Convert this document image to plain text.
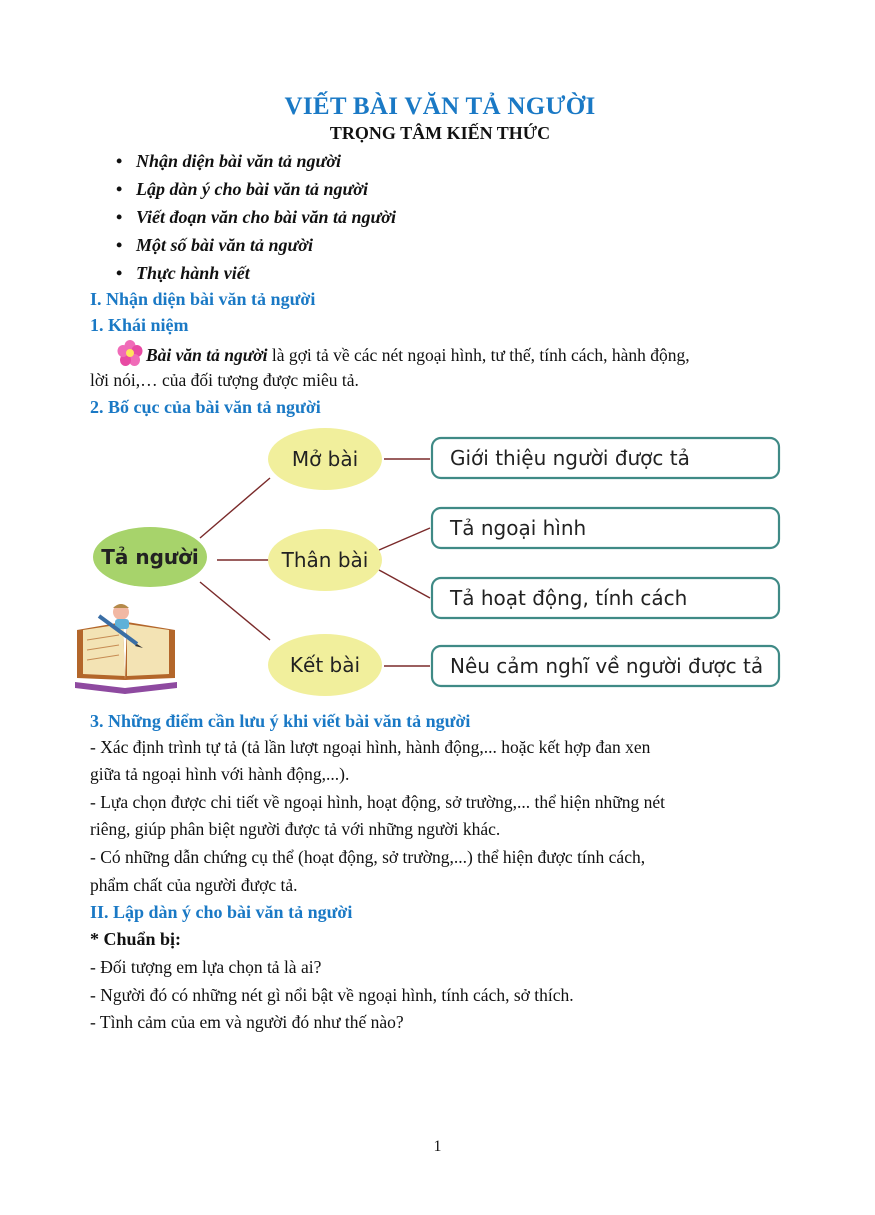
VIẾT BÀI VĂN TẢ NGƯỜI
TRỌNG TÂM KIẾN THỨC
• Nhận diện bài văn tả người
• Lập dàn ý cho bài văn tả người
• Viết đoạn văn cho bài văn tả người
• Một số bài văn tả người
• Thực hành viết
I. Nhận diện bài văn tả người
1. Khái niệm
Bài văn tả người là gợi tả về các nét ngoại hình, tư thế, tính cách, hành động,
lời nói,… của đối tượng được miêu tả.
2. Bố cục của bài văn tả người
Tả người
Mở bài
Thân bài
Kết bài
Giới thiệu người được tả
Tả ngoại hình
Tả hoạt động, tính cách
Nêu cảm nghĩ về người được tả
3. Những điểm cần lưu ý khi viết bài văn tả người
- Xác định trình tự tả (tả lần lượt ngoại hình, hành động,... hoặc kết hợp đan xen
giữa tả ngoại hình với hành động,...).
- Lựa chọn được chi tiết về ngoại hình, hoạt động, sở trường,... thể hiện những nét
riêng, giúp phân biệt người được tả với những người khác.
- Có những dẫn chứng cụ thể (hoạt động, sở trường,...) thể hiện được tính cách,
phẩm chất của người được tả.
II. Lập dàn ý cho bài văn tả người
* Chuẩn bị:
- Đối tượng em lựa chọn tả là ai?
- Người đó có những nét gì nổi bật về ngoại hình, tính cách, sở thích.
- Tình cảm của em và người đó như thế nào?
1
